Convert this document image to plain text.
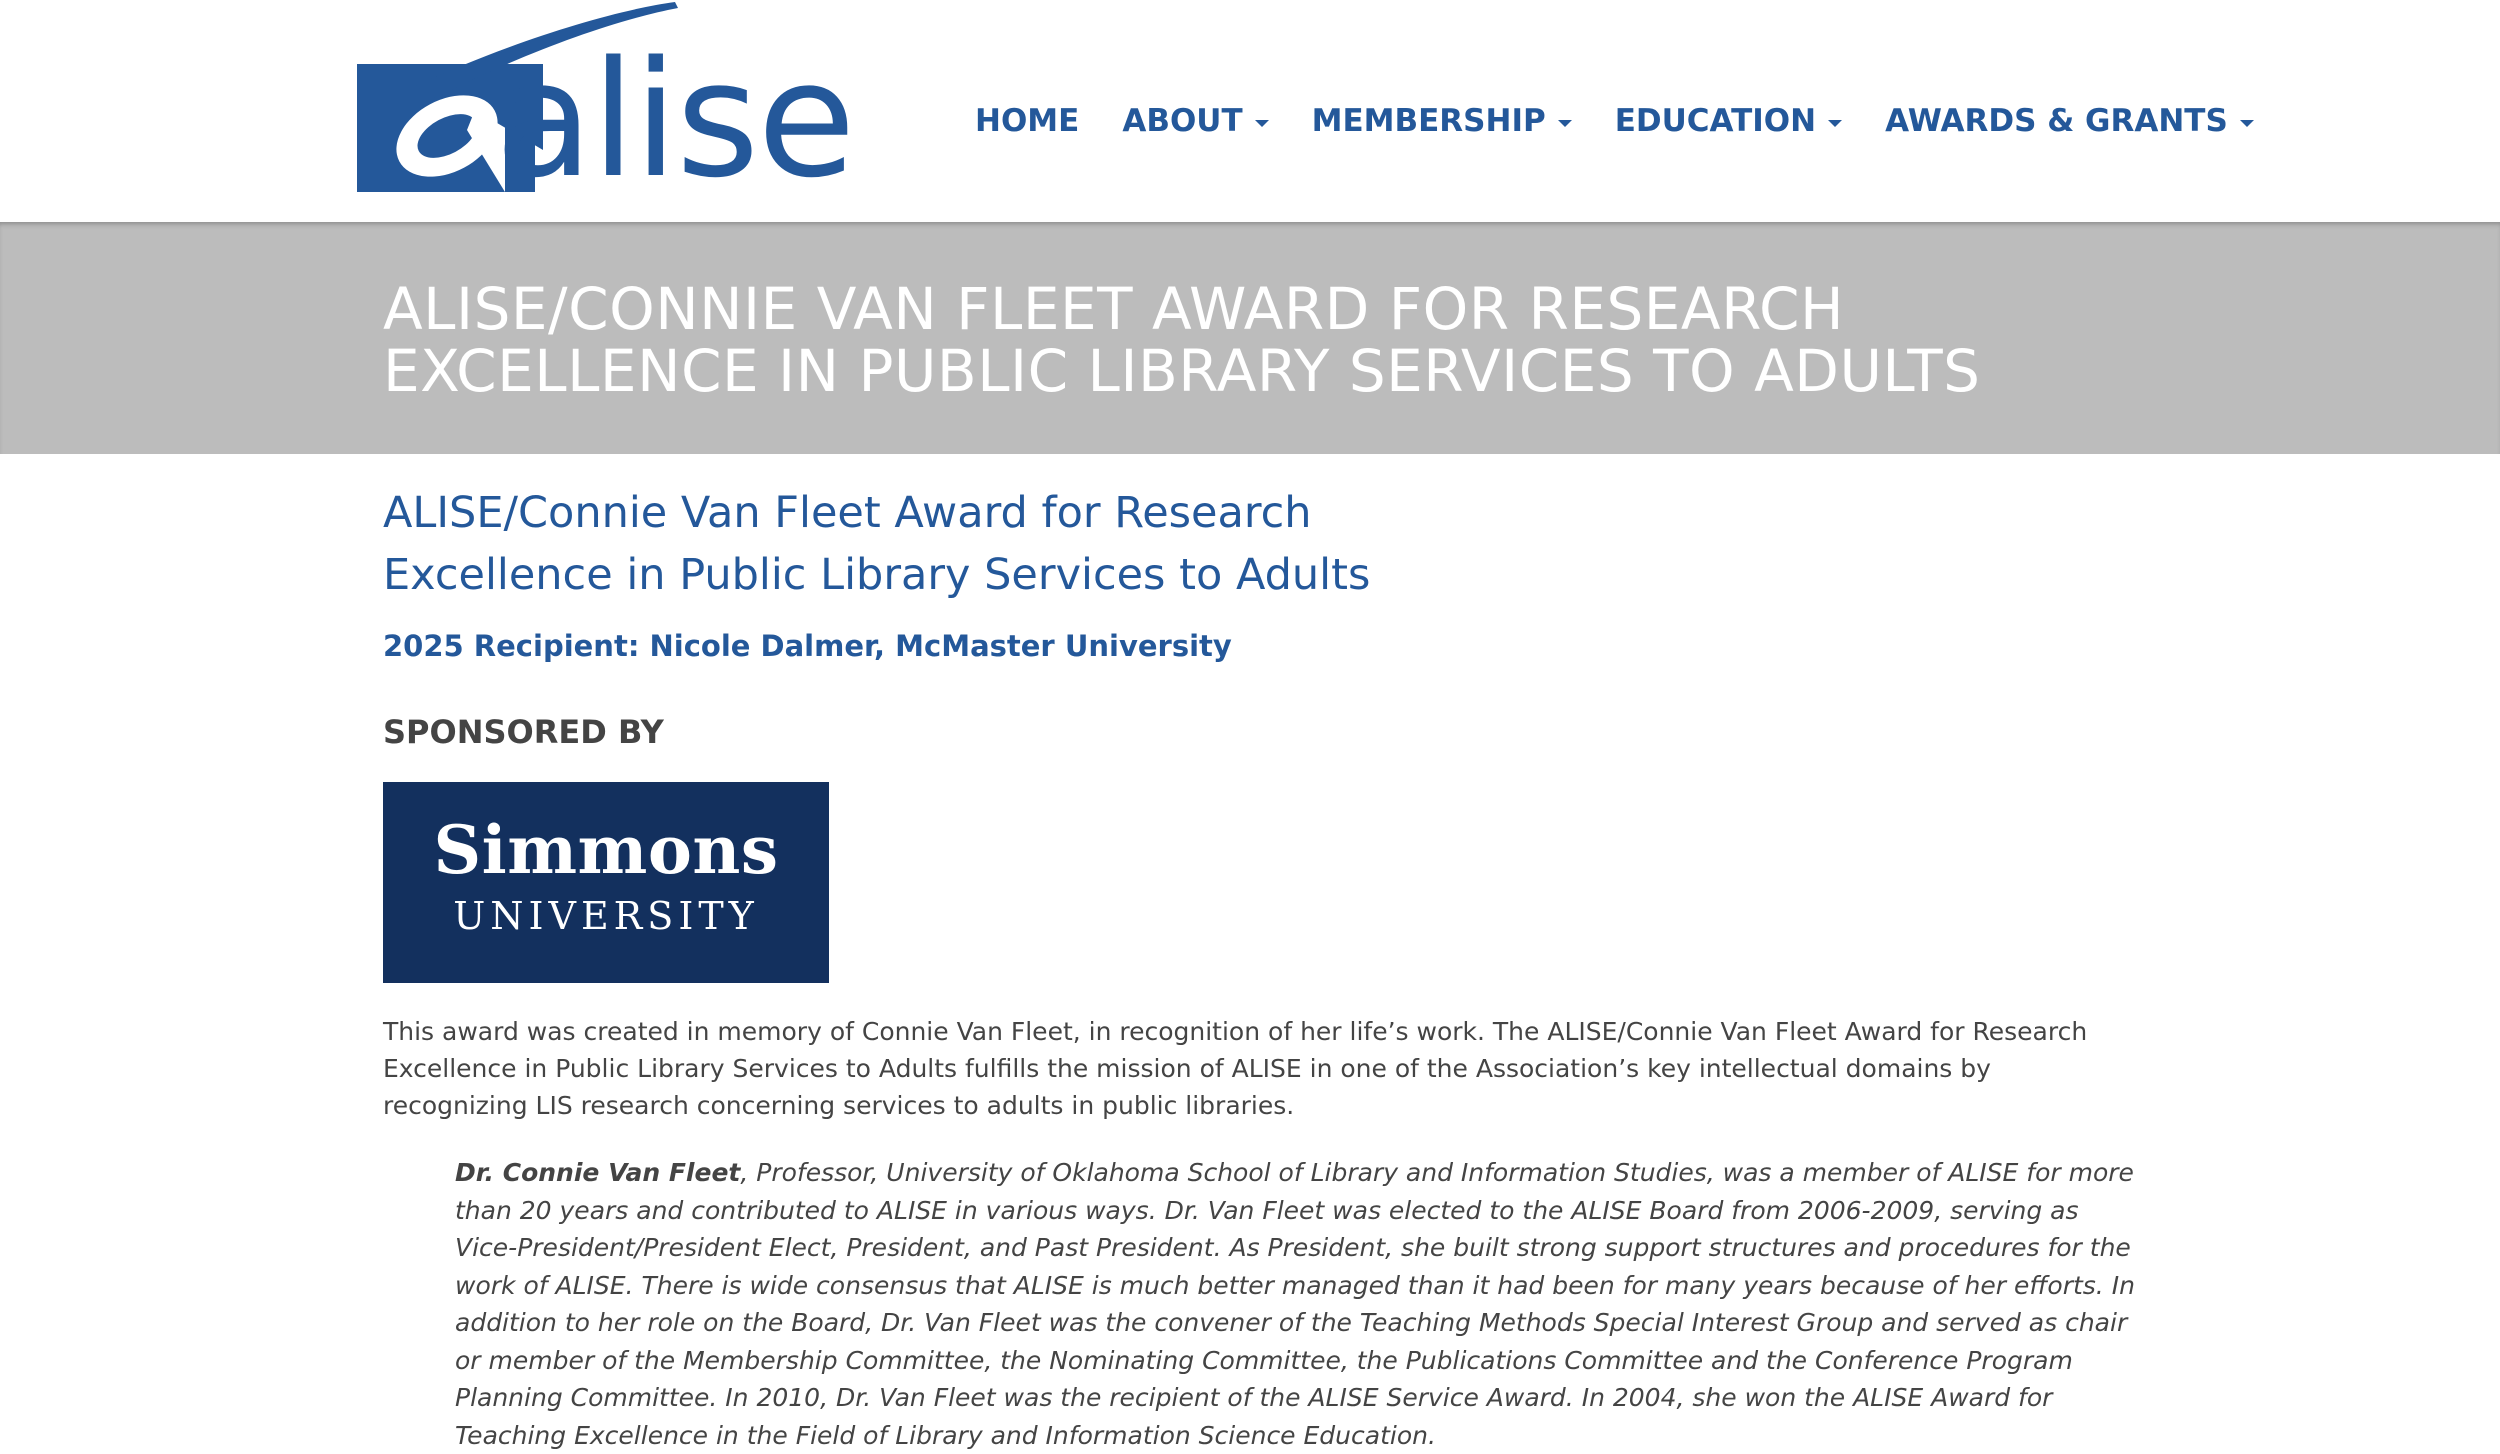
alise	HOME ABOUT MEMBERSHIP EDUCATION AWARDS & GRANTS
ALISE/CONNIE VAN FLEET AWARD FOR RESEARCH EXCELLENCE IN PUBLIC LIBRARY SERVICES TO ADULTS
ALISE/Connie Van Fleet Award for Research Excellence in Public Library Services to Adults
2025 Recipient: Nicole Dalmer, McMaster University
SPONSORED BY
Simmons
UNIVERSITY

This award was created in memory of Connie Van Fleet, in recognition of her life’s work. The ALISE/Connie Van Fleet Award for Research Excellence in Public Library Services to Adults fulfills the mission of ALISE in one of the Association’s key intellectual domains by recognizing LIS research concerning services to adults in public libraries.

Dr. Connie Van Fleet, Professor, University of Oklahoma School of Library and Information Studies, was a member of ALISE for more than 20 years and contributed to ALISE in various ways. Dr. Van Fleet was elected to the ALISE Board from 2006-2009, serving as Vice-President/President Elect, President, and Past President. As President, she built strong support structures and procedures for the work of ALISE. There is wide consensus that ALISE is much better managed than it had been for many years because of her efforts. In addition to her role on the Board, Dr. Van Fleet was the convener of the Teaching Methods Special Interest Group and served as chair or member of the Membership Committee, the Nominating Committee, the Publications Committee and the Conference Program Planning Committee. In 2010, Dr. Van Fleet was the recipient of the ALISE Service Award. In 2004, she won the ALISE Award for Teaching Excellence in the Field of Library and Information Science Education.
